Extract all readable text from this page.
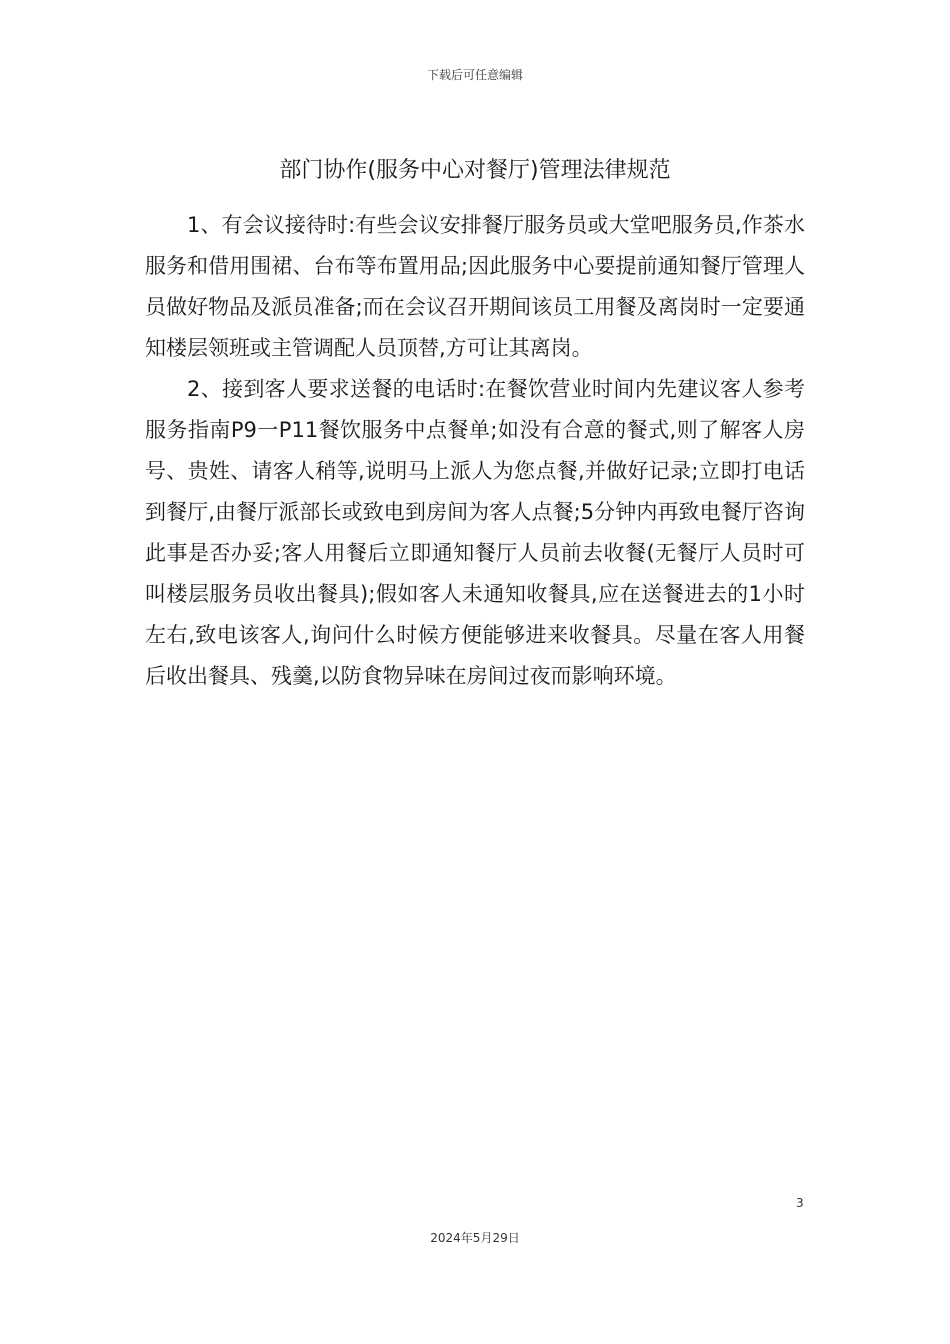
下载后可任意编辑
部门协作(服务中心对餐厅)管理法律规范

1、有会议接待时:有些会议安排餐厅服务员或大堂吧服务员,作茶水服务和借用围裙、台布等布置用品;因此服务中心要提前通知餐厅管理人员做好物品及派员准备;而在会议召开期间该员工用餐及离岗时一定要通知楼层领班或主管调配人员顶替,方可让其离岗。

2、接到客人要求送餐的电话时:在餐饮营业时间内先建议客人参考服务指南P9一P11餐饮服务中点餐单;如没有合意的餐式,则了解客人房号、贵姓、请客人稍等,说明马上派人为您点餐,并做好记录;立即打电话到餐厅,由餐厅派部长或致电到房间为客人点餐;5分钟内再致电餐厅咨询此事是否办妥;客人用餐后立即通知餐厅人员前去收餐(无餐厅人员时可叫楼层服务员收出餐具);假如客人未通知收餐具,应在送餐进去的1小时左右,致电该客人,询问什么时候方便能够进来收餐具。尽量在客人用餐后收出餐具、残羹,以防食物异味在房间过夜而影响环境。

3
2024年5月29日
